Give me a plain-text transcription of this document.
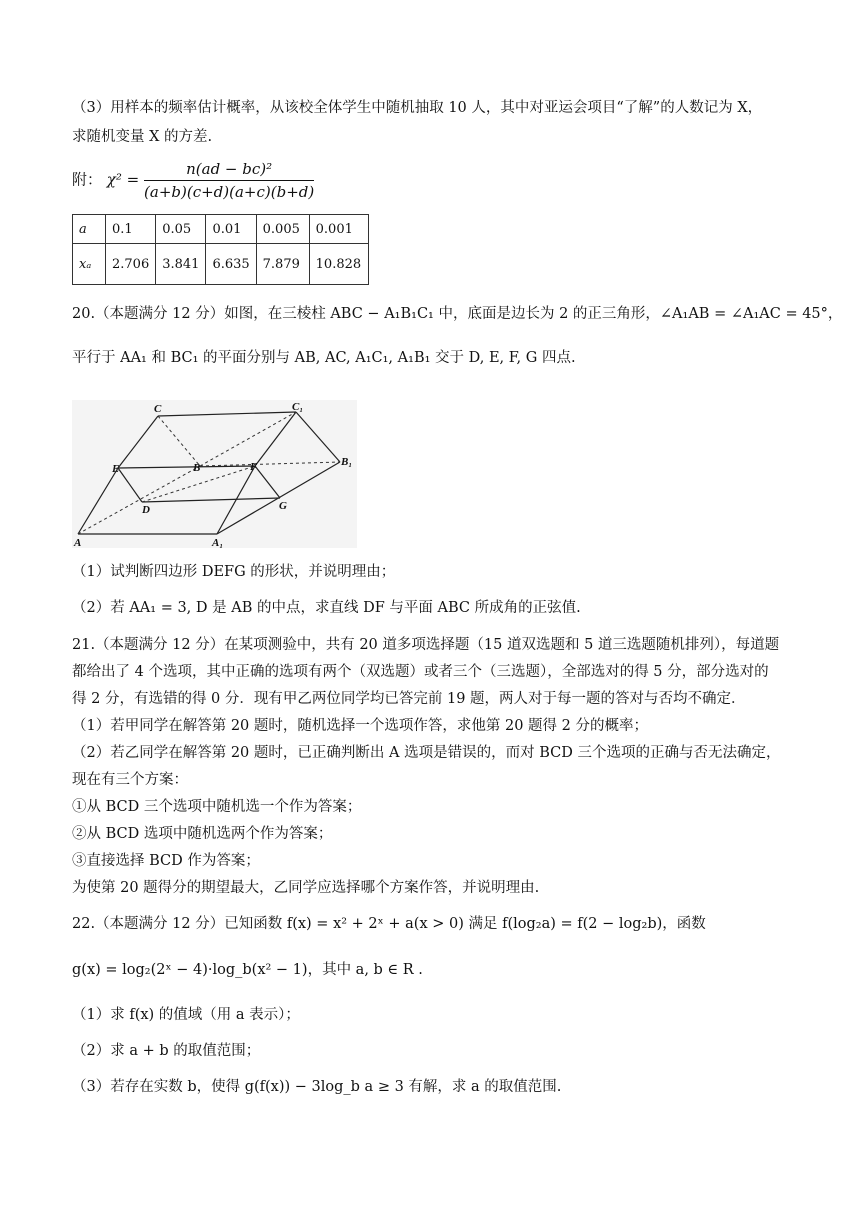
（3）用样本的频率估计概率，从该校全体学生中随机抽取 10 人，其中对亚运会项目“了解”的人数记为 X，
求随机变量 X 的方差.
附： $\chi^2 = \frac{\text{n(ad − bc)²}}{(a+b)(c+d)(a+c)(b+d)}$
a	0.1	0.05	0.01	0.005	0.001
xₐ	2.706	3.841	6.635	7.879	10.828
20.（本题满分 12 分）如图，在三棱柱 ABC − A₁B₁C₁ 中，底面是边长为 2 的正三角形，∠A₁AB = ∠A₁AC = 45°，
平行于 AA₁ 和 BC₁ 的平面分别与 AB, AC, A₁C₁, A₁B₁ 交于 D, E, F, G 四点.
C	C₁
E	B	F	B₁
D	G
A	A₁
（1）试判断四边形 DEFG 的形状，并说明理由；
（2）若 AA₁ = 3, D 是 AB 的中点，求直线 DF 与平面 ABC 所成角的正弦值.
21.（本题满分 12 分）在某项测验中，共有 20 道多项选择题（15 道双选题和 5 道三选题随机排列），每道题
都给出了 4 个选项，其中正确的选项有两个（双选题）或者三个（三选题），全部选对的得 5 分，部分选对的
得 2 分，有选错的得 0 分．现有甲乙两位同学均已答完前 19 题，两人对于每一题的答对与否均不确定．
（1）若甲同学在解答第 20 题时，随机选择一个选项作答，求他第 20 题得 2 分的概率；
（2）若乙同学在解答第 20 题时，已正确判断出 A 选项是错误的，而对 BCD 三个选项的正确与否无法确定，
现在有三个方案：
①从 BCD 三个选项中随机选一个作为答案；
②从 BCD 选项中随机选两个作为答案；
③直接选择 BCD 作为答案；
为使第 20 题得分的期望最大，乙同学应选择哪个方案作答，并说明理由.
22.（本题满分 12 分）已知函数 f(x) = x² + 2ˣ + a(x > 0) 满足 f(log₂a) = f(2 − log₂b)，函数
g(x) = log₂(2ˣ − 4)·log_b(x² − 1)，其中 a, b ∈ R .
（1）求 f(x) 的值域（用 a 表示）；
（2）求 a + b 的取值范围；
（3）若存在实数 b，使得 g(f(x)) − 3log_b a ≥ 3 有解，求 a 的取值范围.
